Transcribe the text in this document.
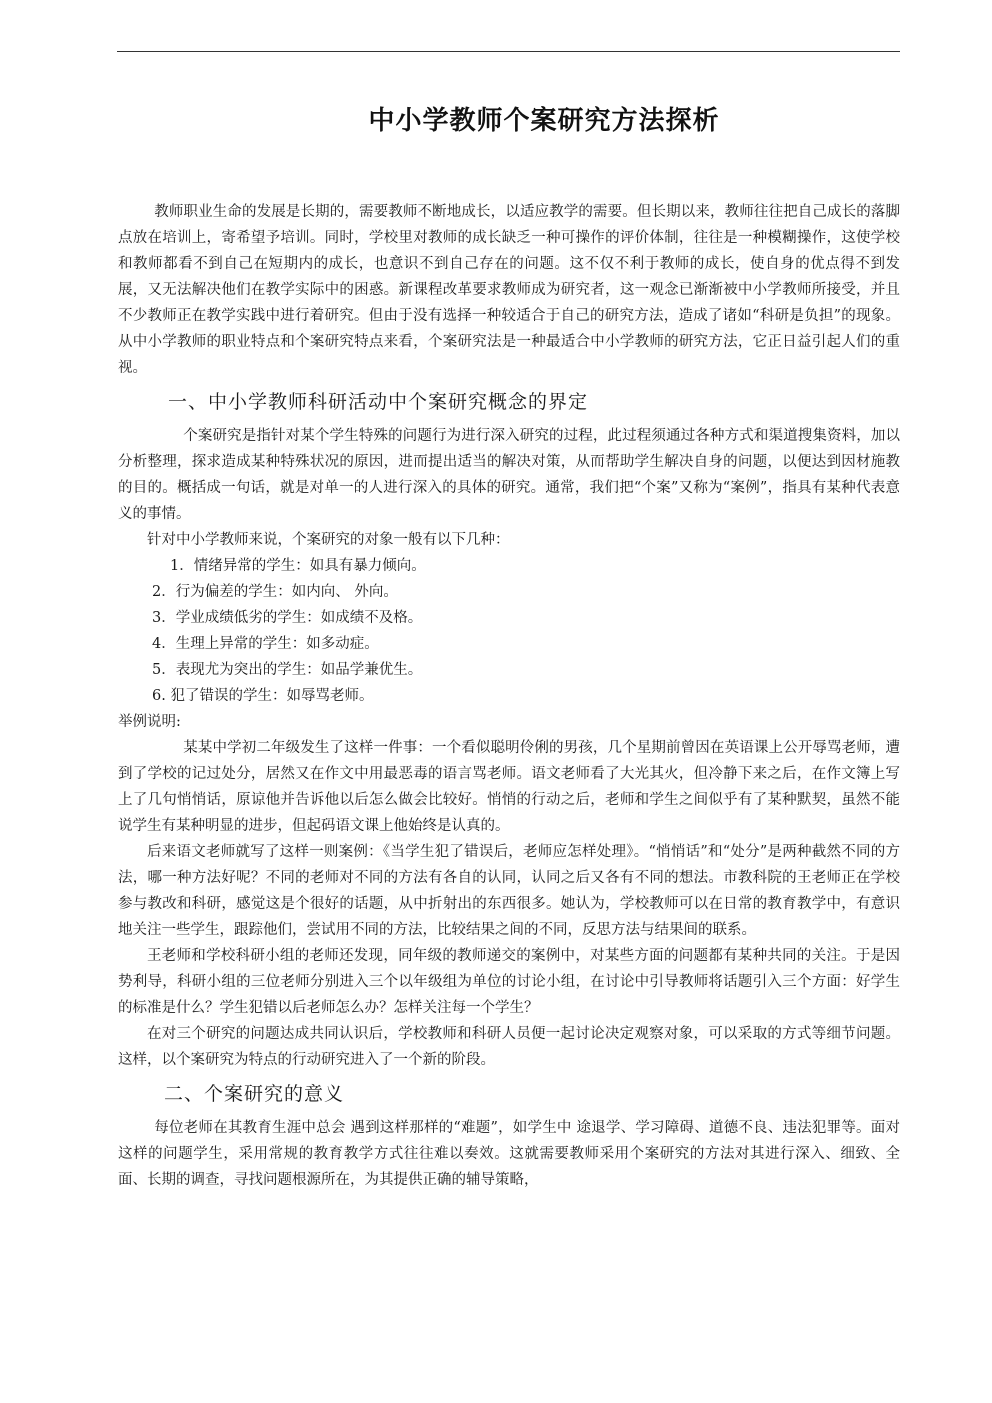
中小学教师个案研究方法探析

教师职业生命的发展是长期的，需要教师不断地成长，以适应教学的需要。但长期以来，教师往往把自己成长的落脚点放在培训上，寄希望予培训。同时，学校里对教师的成长缺乏一种可操作的评价体制，往往是一种模糊操作，这使学校和教师都看不到自己在短期内的成长，也意识不到自己存在的问题。这不仅不利于教师的成长，使自身的优点得不到发展，又无法解决他们在教学实际中的困惑。新课程改革要求教师成为研究者，这一观念已渐渐被中小学教师所接受，并且不少教师正在教学实践中进行着研究。但由于没有选择一种较适合于自己的研究方法，造成了诸如“科研是负担”的现象。从中小学教师的职业特点和个案研究特点来看，个案研究法是一种最适合中小学教师的研究方法，它正日益引起人们的重视。

一、中小学教师科研活动中个案研究概念的界定

个案研究是指针对某个学生特殊的问题行为进行深入研究的过程，此过程须通过各种方式和渠道搜集资料，加以分析整理，探求造成某种特殊状况的原因，进而提出适当的解决对策，从而帮助学生解决自身的问题，以便达到因材施教的目的。概括成一句话，就是对单一的人进行深入的具体的研究。通常，我们把“个案”又称为“案例”，指具有某种代表意义的事情。

针对中小学教师来说，个案研究的对象一般有以下几种：

1．情绪异常的学生：如具有暴力倾向。

2．行为偏差的学生：如内向、 外向。

3．学业成绩低劣的学生：如成绩不及格。

4．生理上异常的学生：如多动症。

5．表现尤为突出的学生：如品学兼优生。

6. 犯了错误的学生：如辱骂老师。

举例说明:

某某中学初二年级发生了这样一件事：一个看似聪明伶俐的男孩，几个星期前曾因在英语课上公开辱骂老师，遭到了学校的记过处分，居然又在作文中用最恶毒的语言骂老师。语文老师看了大光其火，但冷静下来之后，在作文簿上写上了几句悄悄话，原谅他并告诉他以后怎么做会比较好。悄悄的行动之后，老师和学生之间似乎有了某种默契，虽然不能说学生有某种明显的进步，但起码语文课上他始终是认真的。

后来语文老师就写了这样一则案例：《当学生犯了错误后，老师应怎样处理》。“悄悄话”和“处分”是两种截然不同的方法，哪一种方法好呢？不同的老师对不同的方法有各自的认同，认同之后又各有不同的想法。市教科院的王老师正在学校参与教改和科研，感觉这是个很好的话题，从中折射出的东西很多。她认为，学校教师可以在日常的教育教学中，有意识地关注一些学生，跟踪他们，尝试用不同的方法，比较结果之间的不同，反思方法与结果间的联系。

王老师和学校科研小组的老师还发现，同年级的教师递交的案例中，对某些方面的问题都有某种共同的关注。于是因势利导，科研小组的三位老师分别进入三个以年级组为单位的讨论小组，在讨论中引导教师将话题引入三个方面：好学生的标准是什么？学生犯错以后老师怎么办？怎样关注每一个学生？

在对三个研究的问题达成共同认识后，学校教师和科研人员便一起讨论决定观察对象，可以采取的方式等细节问题。这样，以个案研究为特点的行动研究进入了一个新的阶段。

二、个案研究的意义

每位老师在其教育生涯中总会 遇到这样那样的“难题”，如学生中 途退学、学习障碍、道德不良、违法犯罪等。面对这样的问题学生，采用常规的教育教学方式往往难以奏效。这就需要教师采用个案研究的方法对其进行深入、细致、全面、长期的调查，寻找问题根源所在，为其提供正确的辅导策略，
